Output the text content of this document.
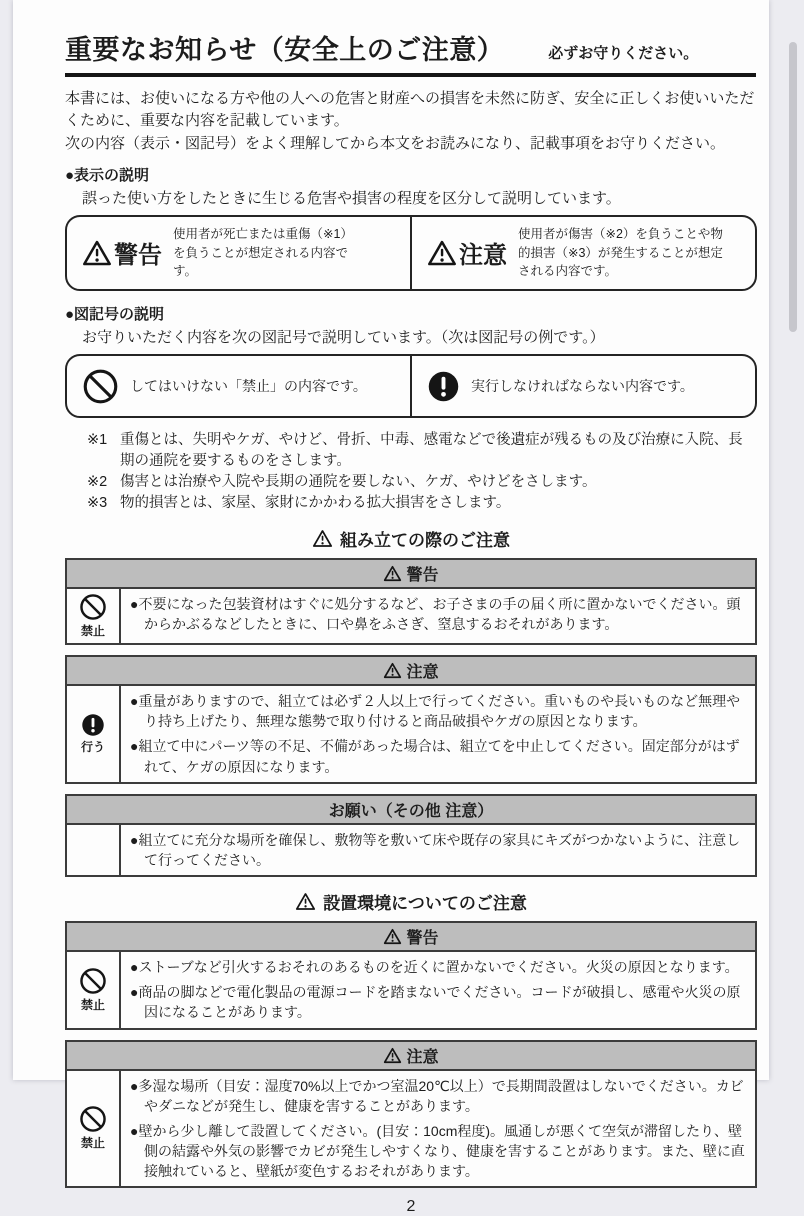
重要なお知らせ（安全上のご注意）	必ずお守りください。

本書には、お使いになる方や他の人への危害と財産への損害を未然に防ぎ、安全に正しくお使いいただくために、重要な内容を記載しています。

次の内容（表示・図記号）をよく理解してから本文をお読みになり、記載事項をお守りください。

●表示の説明

誤った使い方をしたときに生じる危害や損害の程度を区分して説明しています。

警告
使用者が死亡または重傷（※1）を負うことが想定される内容です。
注意
使用者が傷害（※2）を負うことや物的損害（※3）が発生することが想定される内容です。
●図記号の説明

お守りいただく内容を次の図記号で説明しています。（次は図記号の例です。）

してはいけない「禁止」の内容です。	実行しなければならない内容です。
※1 重傷とは、失明やケガ、やけど、骨折、中毒、感電などで後遺症が残るもの及び治療に入院、長期の通院を要するものをさします。
※2 傷害とは治療や入院や長期の通院を要しない、ケガ、やけどをさします。
※3 物的損害とは、家屋、家財にかかわる拡大損害をさします。
組み立ての際のご注意
警告
禁止

●不要になった包装資材はすぐに処分するなど、お子さまの手の届く所に置かないでください。頭からかぶるなどしたときに、口や鼻をふさぎ、窒息するおそれがあります。

注意
行う

●重量がありますので、組立ては必ず２人以上で行ってください。重いものや長いものなど無理やり持ち上げたり、無理な態勢で取り付けると商品破損やケガの原因となります。

●組立て中にパーツ等の不足、不備があった場合は、組立てを中止してください。固定部分がはずれて、ケガの原因になります。

お願い（その他 注意）

●組立てに充分な場所を確保し、敷物等を敷いて床や既存の家具にキズがつかないように、注意して行ってください。

設置環境についてのご注意
警告
禁止

●ストーブなど引火するおそれのあるものを近くに置かないでください。火災の原因となります。

●商品の脚などで電化製品の電源コードを踏まないでください。コードが破損し、感電や火災の原因になることがあります。

注意
禁止

●多湿な場所（目安：湿度70%以上でかつ室温20℃以上）で長期間設置はしないでください。カビやダニなどが発生し、健康を害することがあります。

●壁から少し離して設置してください。(目安：10cm程度)。風通しが悪くて空気が滞留したり、壁側の結露や外気の影響でカビが発生しやすくなり、健康を害することがあります。また、壁に直接触れていると、壁紙が変色するおそれがあります。

2
